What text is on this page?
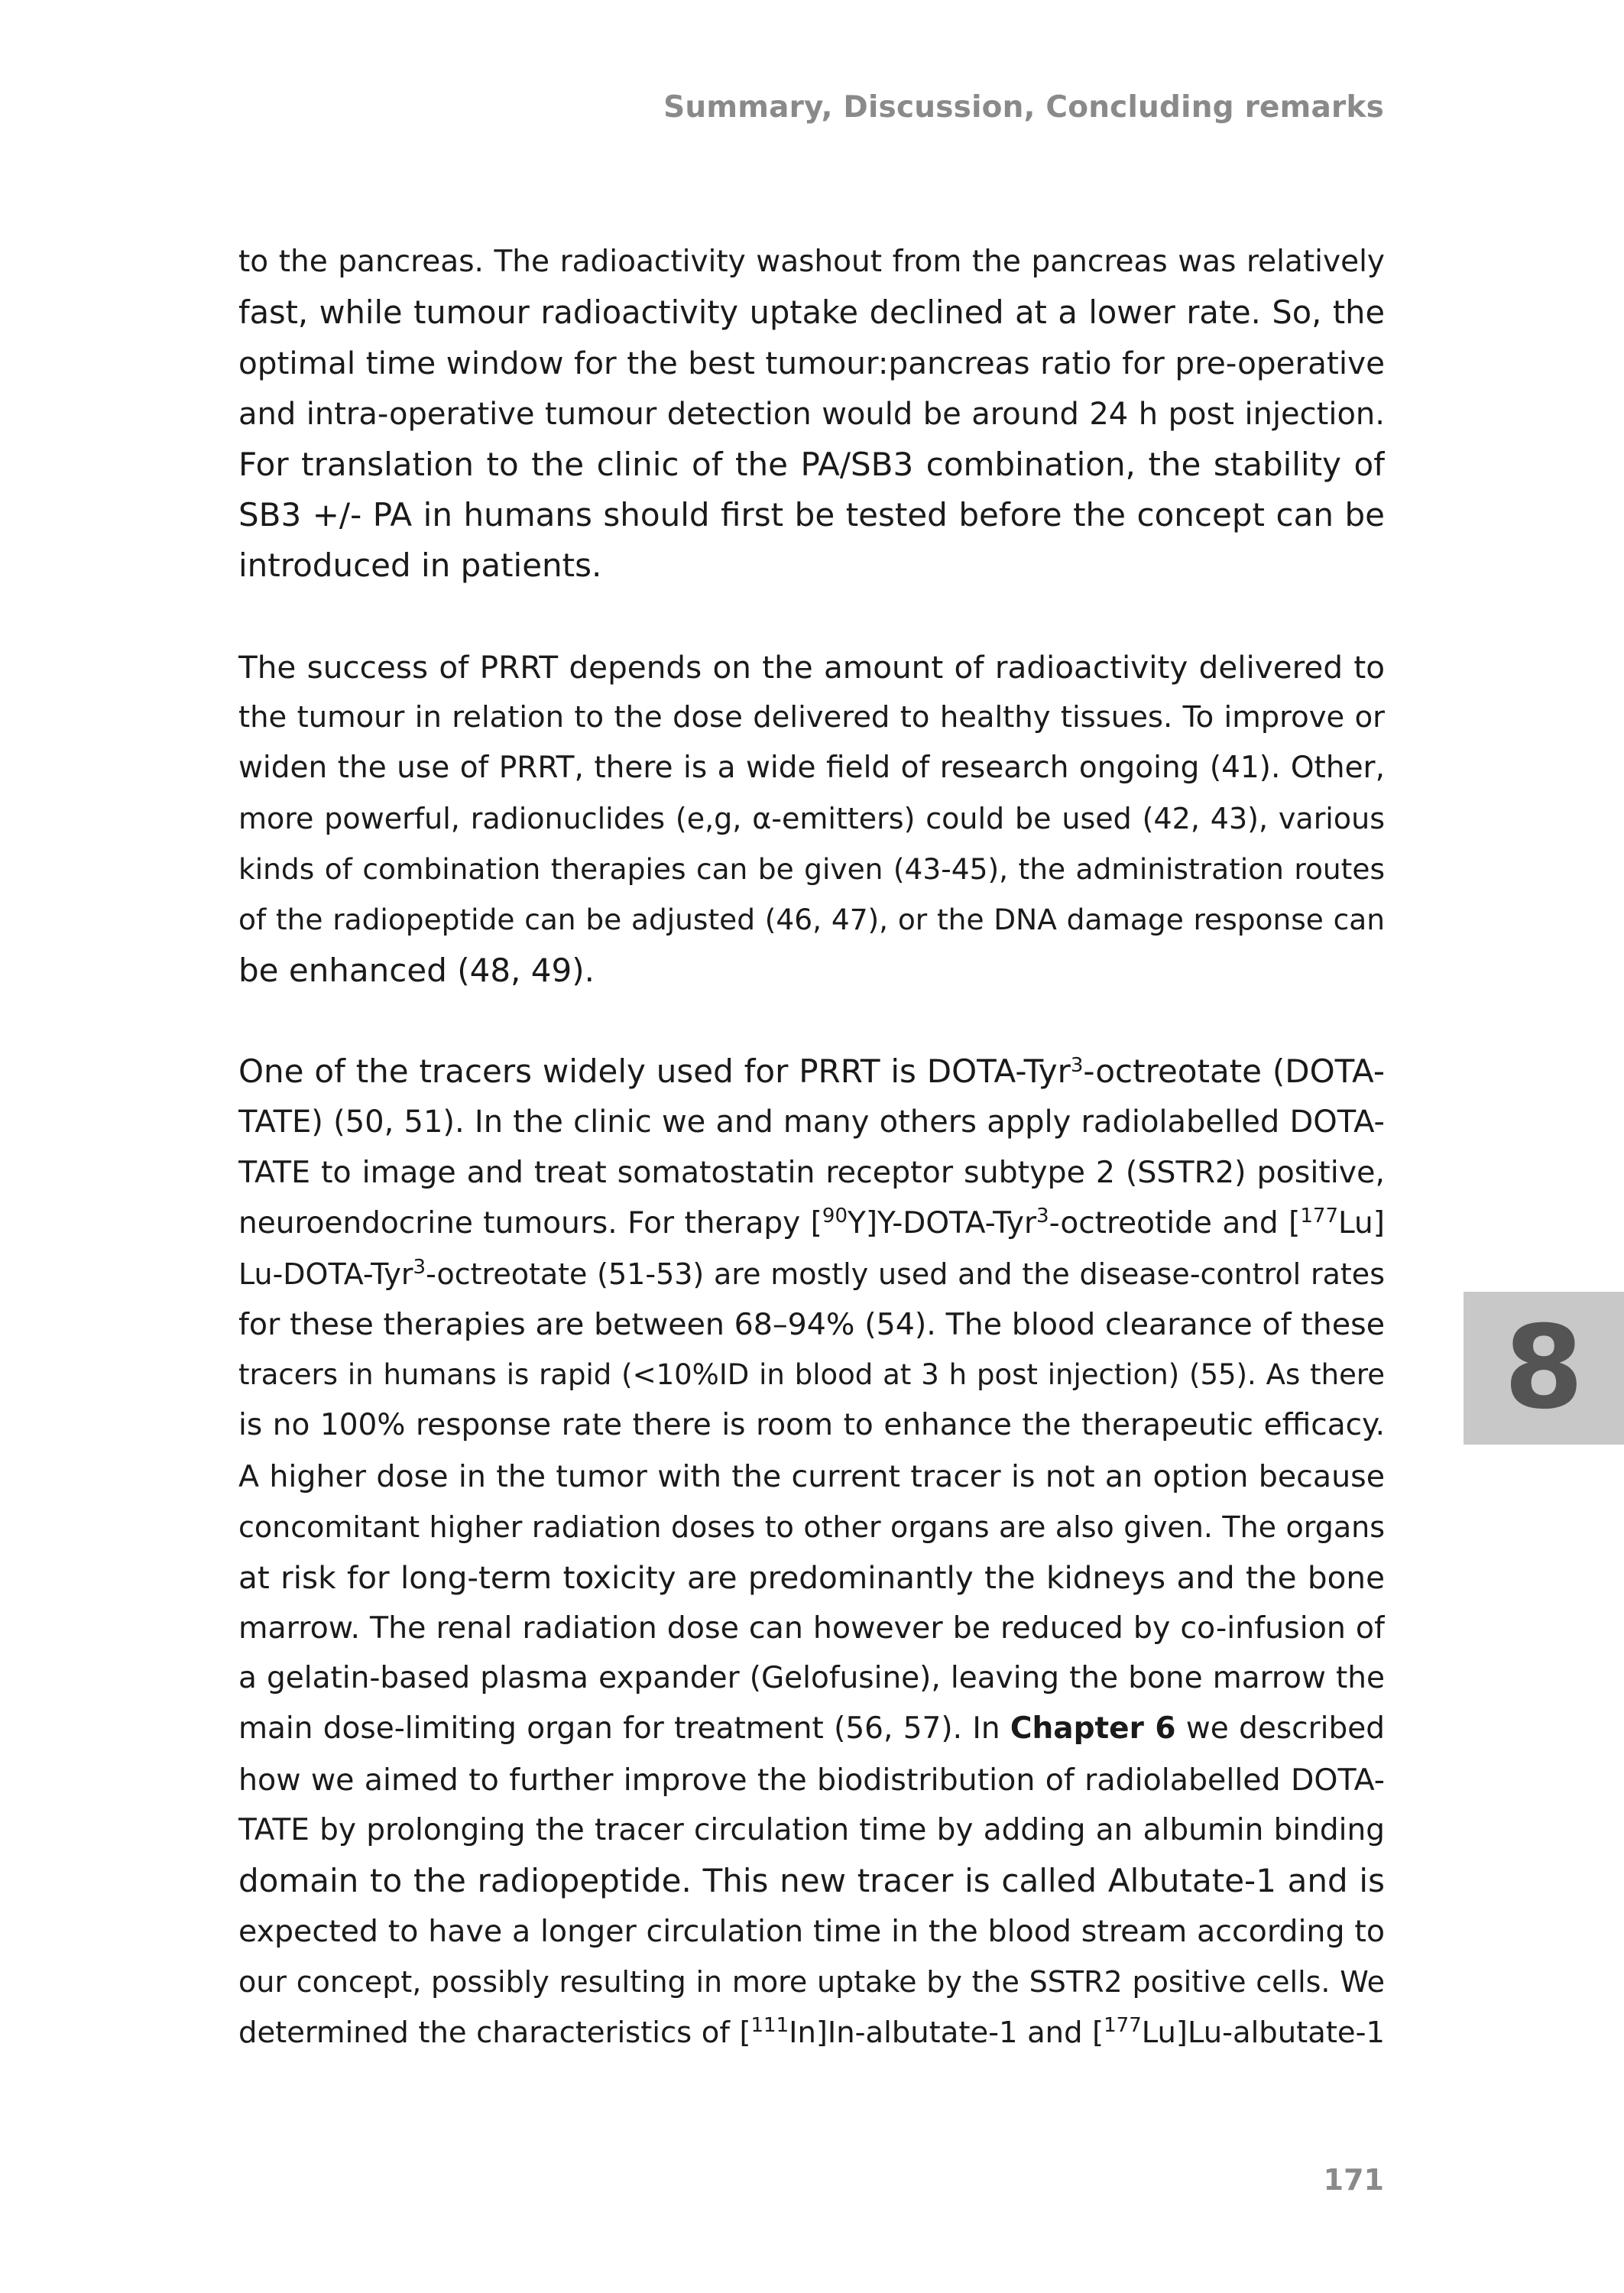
Summary, Discussion, Concluding remarks
to the pancreas. The radioactivity washout from the pancreas was relatively
fast, while tumour radioactivity uptake declined at a lower rate. So, the
optimal time window for the best tumour:pancreas ratio for pre-operative
and intra-operative tumour detection would be around 24 h post injection.
For translation to the clinic of the PA/SB3 combination, the stability of
SB3 +/- PA in humans should first be tested before the concept can be
introduced in patients.
The success of PRRT depends on the amount of radioactivity delivered to
the tumour in relation to the dose delivered to healthy tissues. To improve or
widen the use of PRRT, there is a wide field of research ongoing (41). Other,
more powerful, radionuclides (e,g, α-emitters) could be used (42, 43), various
kinds of combination therapies can be given (43-45), the administration routes
of the radiopeptide can be adjusted (46, 47), or the DNA damage response can
be enhanced (48, 49).
One of the tracers widely used for PRRT is DOTA-Tyr$^3$-octreotate (DOTA-
TATE) (50, 51). In the clinic we and many others apply radiolabelled DOTA-
TATE to image and treat somatostatin receptor subtype 2 (SSTR2) positive,
neuroendocrine tumours. For therapy [$^{90}$Y]Y-DOTA-Tyr$^3$-octreotide and [$^{177}$Lu]
Lu-DOTA-Tyr$^3$-octreotate (51-53) are mostly used and the disease-control rates
for these therapies are between 68–94% (54). The blood clearance of these
tracers in humans is rapid (<10%ID in blood at 3 h post injection) (55). As there
is no 100% response rate there is room to enhance the therapeutic efficacy.
A higher dose in the tumor with the current tracer is not an option because
concomitant higher radiation doses to other organs are also given. The organs
at risk for long-term toxicity are predominantly the kidneys and the bone
marrow. The renal radiation dose can however be reduced by co-infusion of
a gelatin-based plasma expander (Gelofusine), leaving the bone marrow the
main dose-limiting organ for treatment (56, 57). In Chapter 6 we described
how we aimed to further improve the biodistribution of radiolabelled DOTA-
TATE by prolonging the tracer circulation time by adding an albumin binding
domain to the radiopeptide. This new tracer is called Albutate-1 and is
expected to have a longer circulation time in the blood stream according to
our concept, possibly resulting in more uptake by the SSTR2 positive cells. We
determined the characteristics of [$^{111}$In]In-albutate-1 and [$^{177}$Lu]Lu-albutate-1
8
171
